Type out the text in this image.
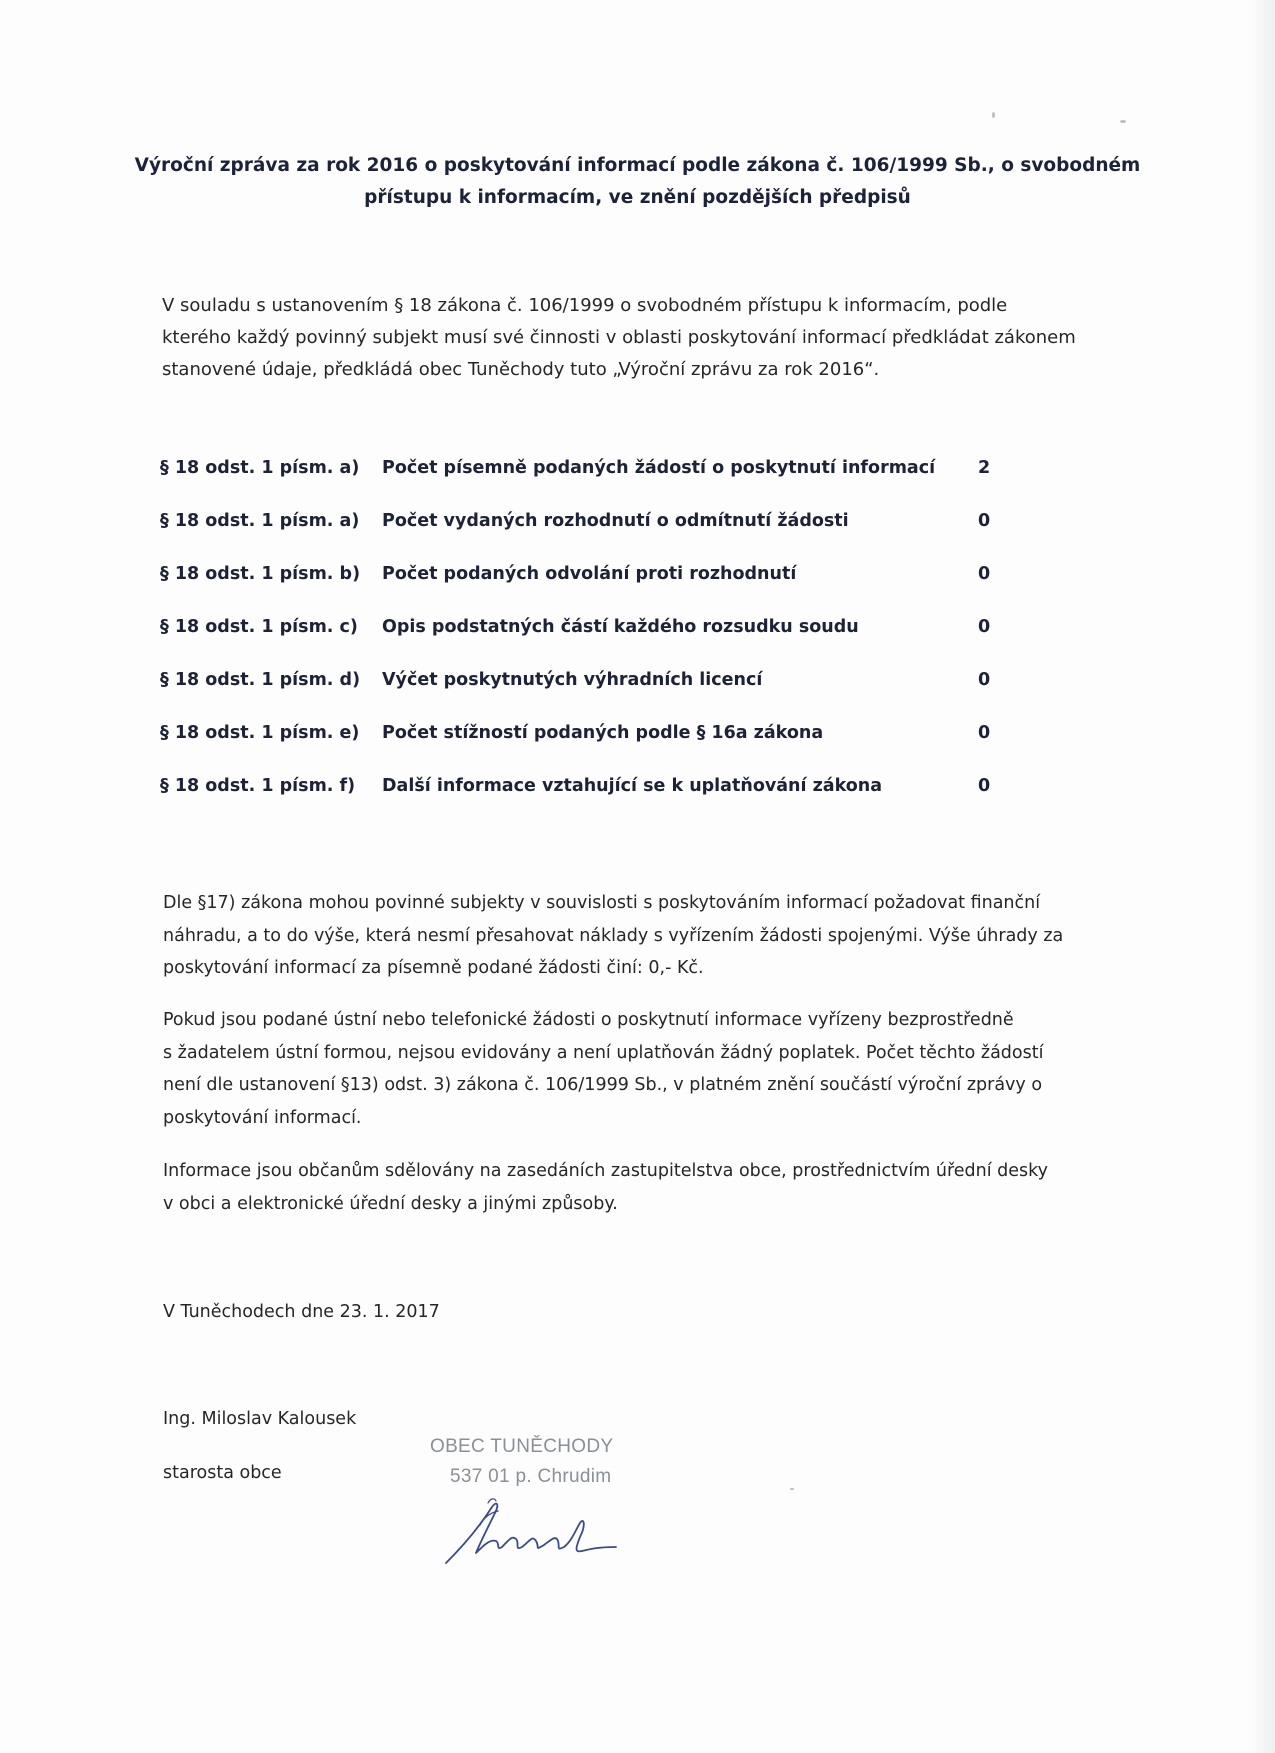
Výroční zpráva za rok 2016 o poskytování informací podle zákona č. 106/1999 Sb., o svobodném
přístupu k informacím, ve znění pozdějších předpisů
V souladu s ustanovením § 18 zákona č. 106/1999 o svobodném přístupu k informacím, podle
kterého každý povinný subjekt musí své činnosti v oblasti poskytování informací předkládat zákonem
stanovené údaje, předkládá obec Tuněchody tuto „Výroční zprávu za rok 2016“.
§ 18 odst. 1 písm. a) Počet písemně podaných žádostí o poskytnutí informací 2
§ 18 odst. 1 písm. a) Počet vydaných rozhodnutí o odmítnutí žádosti	0
§ 18 odst. 1 písm. b) Počet podaných odvolání proti rozhodnutí	0
§ 18 odst. 1 písm. c) Opis podstatných částí každého rozsudku soudu	0
§ 18 odst. 1 písm. d) Výčet poskytnutých výhradních licencí	0
§ 18 odst. 1 písm. e) Počet stížností podaných podle § 16a zákona	0
§ 18 odst. 1 písm. f) Další informace vztahující se k uplatňování zákona	0
Dle §17) zákona mohou povinné subjekty v souvislosti s poskytováním informací požadovat finanční
náhradu, a to do výše, která nesmí přesahovat náklady s vyřízením žádosti spojenými. Výše úhrady za
poskytování informací za písemně podané žádosti činí: 0,- Kč.
Pokud jsou podané ústní nebo telefonické žádosti o poskytnutí informace vyřízeny bezprostředně
s žadatelem ústní formou, nejsou evidovány a není uplatňován žádný poplatek. Počet těchto žádostí
není dle ustanovení §13) odst. 3) zákona č. 106/1999 Sb., v platném znění součástí výroční zprávy o
poskytování informací.
Informace jsou občanům sdělovány na zasedáních zastupitelstva obce, prostřednictvím úřední desky
v obci a elektronické úřední desky a jinými způsoby.
V Tuněchodech dne 23. 1. 2017
Ing. Miloslav Kalousek
starosta obce
OBEC TUNĚCHODY
537 01 p. Chrudim
